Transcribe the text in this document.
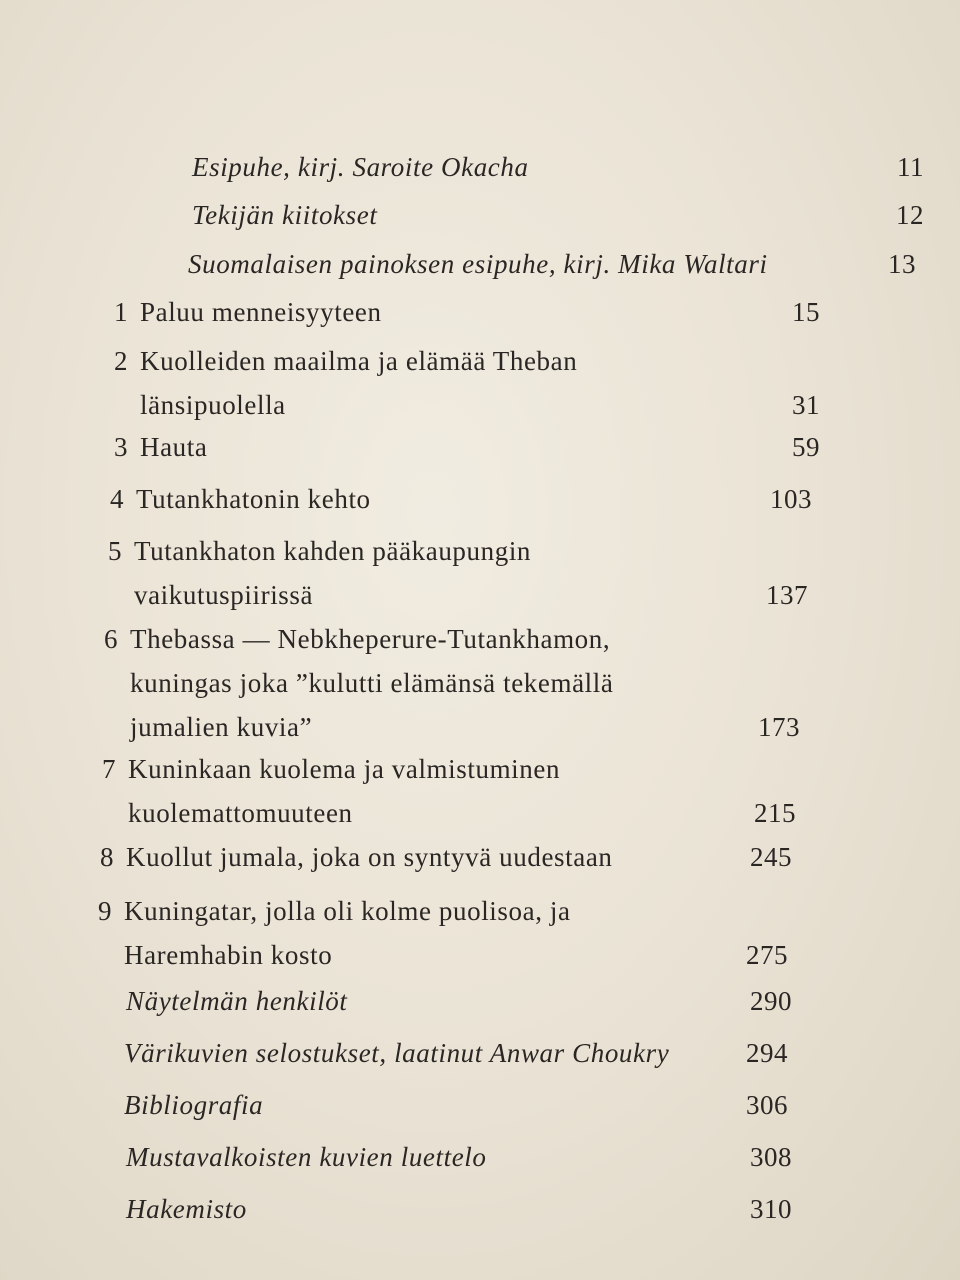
Esipuhe, kirj. Saroite Okacha	11
Tekijän kiitokset	12
Suomalaisen painoksen esipuhe, kirj. Mika Waltari	13
1 Paluu menneisyyteen	15
2 Kuolleiden maailma ja elämää Theban
länsipuolella	31
3 Hauta	59
4 Tutankhatonin kehto	103
5 Tutankhaton kahden pääkaupungin
vaikutuspiirissä	137
6 Thebassa — Nebkheperure-Tutankhamon,
kuningas joka ”kulutti elämänsä tekemällä
jumalien kuvia”	173
7 Kuninkaan kuolema ja valmistuminen
kuolemattomuuteen	215
8 Kuollut jumala, joka on syntyvä uudestaan	245
9 Kuningatar, jolla oli kolme puolisoa, ja
Haremhabin kosto	275
Näytelmän henkilöt	290
Värikuvien selostukset, laatinut Anwar Choukry	294
Bibliografia	306
Mustavalkoisten kuvien luettelo	308
Hakemisto	310
